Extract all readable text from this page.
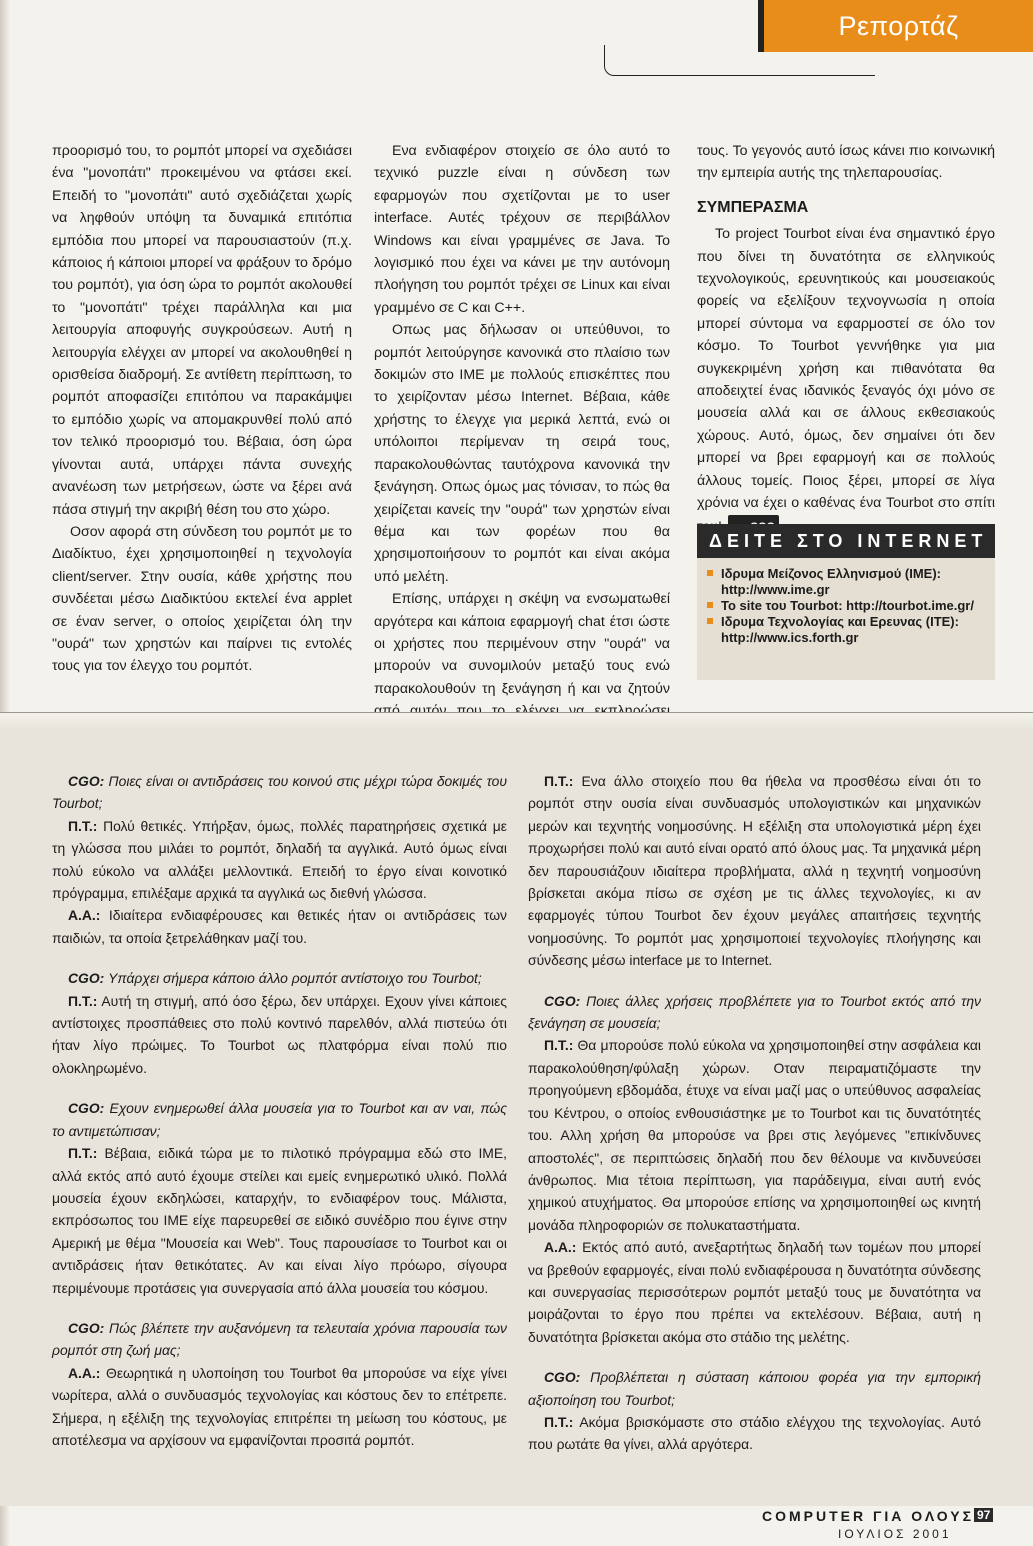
Ρεπορτάζ

προορισμό του, το ρομπότ μπορεί να σχεδιάσει ένα "μονοπάτι" προκειμένου να φτάσει εκεί. Επειδή το "μονοπάτι" αυτό σχεδιάζεται χωρίς να ληφθούν υπόψη τα δυναμικά επιτόπια εμπόδια που μπορεί να παρουσιαστούν (π.χ. κάποιος ή κάποιοι μπορεί να φράξουν το δρόμο του ρομπότ), για όση ώρα το ρομπότ ακολουθεί το "μονοπάτι" τρέχει παράλληλα και μια λειτουργία αποφυγής συγκρούσεων. Αυτή η λειτουργία ελέγχει αν μπορεί να ακολουθηθεί η ορισθείσα διαδρομή. Σε αντίθετη περίπτωση, το ρομπότ αποφασίζει επιτόπου να παρακάμψει το εμπόδιο χωρίς να απομακρυνθεί πολύ από τον τελικό προορισμό του. Βέβαια, όση ώρα γίνονται αυτά, υπάρχει πάντα συνεχής ανανέωση των μετρήσεων, ώστε να ξέρει ανά πάσα στιγμή την ακριβή θέση του στο χώρο.

Οσον αφορά στη σύνδεση του ρομπότ με το Διαδίκτυο, έχει χρησιμοποιηθεί η τεχνολογία client/server. Στην ουσία, κάθε χρήστης που συνδέεται μέσω Διαδικτύου εκτελεί ένα applet σε έναν server, ο οποίος χειρίζεται όλη την "ουρά" των χρηστών και παίρνει τις εντολές τους για τον έλεγχο του ρομπότ.

Ενα ενδιαφέρον στοιχείο σε όλο αυτό το τεχνικό puzzle είναι η σύνδεση των εφαρμογών που σχετίζονται με το user interface. Αυτές τρέχουν σε περιβάλλον Windows και είναι γραμμένες σε Java. Το λογισμικό που έχει να κάνει με την αυτόνομη πλοήγηση του ρομπότ τρέχει σε Linux και είναι γραμμένο σε C και C++.

Οπως μας δήλωσαν οι υπεύθυνοι, το ρομπότ λειτούργησε κανονικά στο πλαίσιο των δοκιμών στο ΙΜΕ με πολλούς επισκέπτες που το χειρίζονταν μέσω Internet. Βέβαια, κάθε χρήστης το έλεγχε για μερικά λεπτά, ενώ οι υπόλοιποι περίμεναν τη σειρά τους, παρακολουθώντας ταυτόχρονα κανονικά την ξενάγηση. Οπως όμως μας τόνισαν, το πώς θα χειρίζεται κανείς την "ουρά" των χρηστών είναι θέμα και των φορέων που θα χρησιμοποιήσουν το ρομπότ και είναι ακόμα υπό μελέτη.

Επίσης, υπάρχει η σκέψη να ενσωματωθεί αργότερα και κάποια εφαρμογή chat έτσι ώστε οι χρήστες που περιμένουν στην "ουρά" να μπορούν να συνομιλούν μεταξύ τους ενώ παρακολουθούν τη ξενάγηση ή και να ζητούν

τους. Το γεγονός αυτό ίσως κάνει πιο κοινωνική την εμπειρία αυτής της τηλεπαρουσίας.

ΣΥΜΠΕΡΑΣΜΑ

Το project Tourbot είναι ένα σημαντικό έργο που δίνει τη δυνατότητα σε ελληνικούς τεχνολογικούς, ερευνητικούς και μουσειακούς φορείς να εξελίξουν τεχνογνωσία η οποία μπορεί σύντομα να εφαρμοστεί σε όλο τον κόσμο. Το Tourbot γεννήθηκε για μια συγκεκριμένη χρήση και πιθανότατα θα αποδειχτεί ένας ιδανικός ξεναγός όχι μόνο σε μουσεία αλλά και σε άλλους εκθεσιακούς χώρους. Αυτό, όμως, δεν σημαίνει ότι δεν μπορεί να βρει εφαρμογή και σε πολλούς άλλους τομείς. Ποιος ξέρει, μπορεί σε λίγα χρόνια να έχει ο καθένας ένα Tourbot στο σπίτι

ΔΕΙΤΕ ΣΤΟ INTERNET
Ιδρυμα Μείζονος Ελληνισμού (ΙΜΕ): http://www.ime.gr
Το site του Tourbot: http://tourbot.ime.gr/
Ιδρυμα Τεχνολογίας και Ερευνας (ΙΤΕ): http://www.ics.forth.gr

CGO: Ποιες είναι οι αντιδράσεις του κοινού στις μέχρι τώρα δοκιμές του Tourbot;

Π.Τ.: Πολύ θετικές. Υπήρξαν, όμως, πολλές παρατηρήσεις σχετικά με τη γλώσσα που μιλάει το ρομπότ, δηλαδή τα αγγλικά. Αυτό όμως είναι πολύ εύκολο να αλλάξει μελλοντικά. Επειδή το έργο είναι κοινοτικό πρόγραμμα, επιλέξαμε αρχικά τα αγγλικά ως διεθνή γλώσσα.

Α.Α.: Ιδιαίτερα ενδιαφέρουσες και θετικές ήταν οι αντιδράσεις των παιδιών, τα οποία ξετρελάθηκαν μαζί του.

CGO: Υπάρχει σήμερα κάποιο άλλο ρομπότ αντίστοιχο του Tourbot;

Π.Τ.: Αυτή τη στιγμή, από όσο ξέρω, δεν υπάρχει. Εχουν γίνει κάποιες αντίστοιχες προσπάθειες στο πολύ κοντινό παρελθόν, αλλά πιστεύω ότι ήταν λίγο πρώιμες. Το Tourbot ως πλατφόρμα είναι πολύ πιο ολοκληρωμένο.

CGO: Εχουν ενημερωθεί άλλα μουσεία για το Tourbot και αν ναι, πώς το αντιμετώπισαν;

Π.Τ.: Βέβαια, ειδικά τώρα με το πιλοτικό πρόγραμμα εδώ στο ΙΜΕ, αλλά εκτός από αυτό έχουμε στείλει και εμείς ενημερωτικό υλικό. Πολλά μουσεία έχουν εκδηλώσει, καταρχήν, το ενδιαφέρον τους. Μάλιστα, εκπρόσωπος του ΙΜΕ είχε παρευρεθεί σε ειδικό συνέδριο που έγινε στην Αμερική με θέμα "Μουσεία και Web". Τους παρουσίασε το Tourbot και οι αντιδράσεις ήταν θετικότατες. Αν και είναι λίγο πρόωρο, σίγουρα περιμένουμε προτάσεις για συνεργασία από άλλα μουσεία του κόσμου.

CGO: Πώς βλέπετε την αυξανόμενη τα τελευταία χρόνια παρουσία των ρομπότ στη ζωή μας;

Α.Α.: Θεωρητικά η υλοποίηση του Tourbot θα μπορούσε να είχε γίνει νωρίτερα, αλλά ο συνδυασμός τεχνολογίας και κόστους δεν το επέτρεπε. Σήμερα, η εξέλιξη της τεχνολογίας επιτρέπει τη μείωση του κόστους, με αποτέλεσμα να αρχίσουν να εμφανίζονται προσιτά ρομπότ.

Π.Τ.: Ενα άλλο στοιχείο που θα ήθελα να προσθέσω είναι ότι το ρομπότ στην ουσία είναι συνδυασμός υπολογιστικών και μηχανικών μερών και τεχνητής νοημοσύνης. Η εξέλιξη στα υπολογιστικά μέρη έχει προχωρήσει πολύ και αυτό είναι ορατό από όλους μας. Τα μηχανικά μέρη δεν παρουσιάζουν ιδιαίτερα προβλήματα, αλλά η τεχνητή νοημοσύνη βρίσκεται ακόμα πίσω σε σχέση με τις άλλες τεχνολογίες, κι αν εφαρμογές τύπου Tourbot δεν έχουν μεγάλες απαιτήσεις τεχνητής νοημοσύνης. Το ρομπότ μας χρησιμοποιεί τεχνολογίες πλοήγησης και σύνδεσης μέσω interface με το Internet.

CGO: Ποιες άλλες χρήσεις προβλέπετε για το Tourbot εκτός από την ξενάγηση σε μουσεία;

Π.Τ.: Θα μπορούσε πολύ εύκολα να χρησιμοποιηθεί στην ασφάλεια και παρακολούθηση/φύλαξη χώρων. Οταν πειραματιζόμαστε την προηγούμενη εβδομάδα, έτυχε να είναι μαζί μας ο υπεύθυνος ασφαλείας του Κέντρου, ο οποίος ενθουσιάστηκε με το Tourbot και τις δυνατότητές του. Αλλη χρήση θα μπορούσε να βρει στις λεγόμενες "επικίνδυνες αποστολές", σε περιπτώσεις δηλαδή που δεν θέλουμε να κινδυνεύσει άνθρωπος. Μια τέτοια περίπτωση, για παράδειγμα, είναι αυτή ενός χημικού ατυχήματος. Θα μπορούσε επίσης να χρησιμοποιηθεί ως κινητή μονάδα πληροφοριών σε πολυκαταστήματα.

Α.Α.: Εκτός από αυτό, ανεξαρτήτως δηλαδή των τομέων που μπορεί να βρεθούν εφαρμογές, είναι πολύ ενδιαφέρουσα η δυνατότητα σύνδεσης και συνεργασίας περισσότερων ρομπότ μεταξύ τους με δυνατότητα να μοιράζονται το έργο που πρέπει να εκτελέσουν. Βέβαια, αυτή η δυνατότητα βρίσκεται ακόμα στο στάδιο της μελέτης.

CGO: Προβλέπεται η σύσταση κάποιου φορέα για την εμπορική αξιοποίηση του Tourbot;

Π.Τ.: Ακόμα βρισκόμαστε στο στάδιο ελέγχου της τεχνολογίας. Αυτό που ρωτάτε θα γίνει, αλλά αργότερα.

COMPUTER ΓΙΑ ΟΛΟΥΣ 97
ΙΟΥΛΙΟΣ 2001
